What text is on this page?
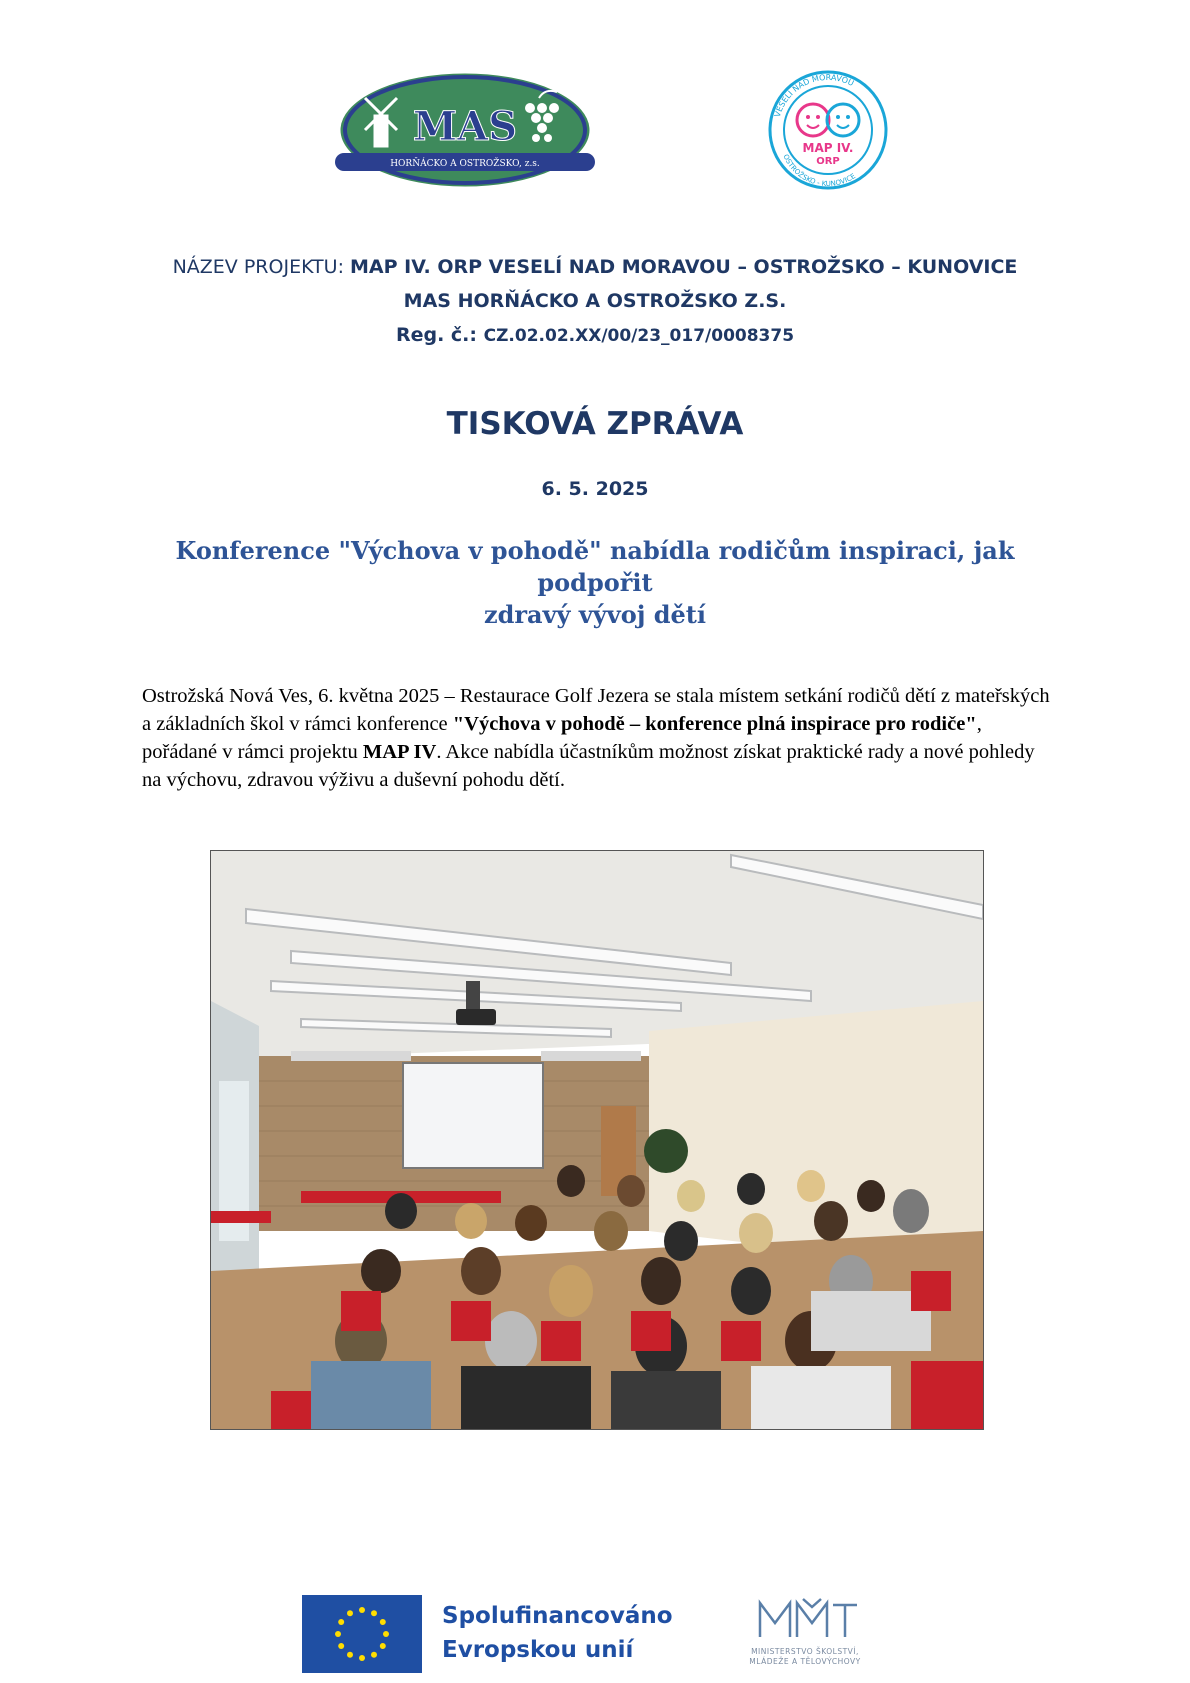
MAS
HORŇÁCKO A OSTROŽSKO, z.s.
VESELÍ NAD MORAVOU
OSTROŽSKO - KUNOVICE
MAP IV.
ORP
NÁZEV PROJEKTU: MAP IV. ORP VESELÍ NAD MORAVOU – OSTROŽSKO – KUNOVICE
MAS HORŇÁCKO A OSTROŽSKO Z.S.
Reg. č.: CZ.02.02.XX/00/23_017/0008375
TISKOVÁ ZPRÁVA
6. 5. 2025
Konference "Výchova v pohodě" nabídla rodičům inspiraci, jak podpořit
zdravý vývoj dětí
Ostrožská Nová Ves, 6. května 2025 – Restaurace Golf Jezera se stala místem setkání rodičů dětí z mateřských a základních škol v rámci konference "Výchova v pohodě – konference plná inspirace pro rodiče", pořádané v rámci projektu MAP IV. Akce nabídla účastníkům možnost získat praktické rady a nové pohledy na výchovu, zdravou výživu a duševní pohodu dětí.
Spolufinancováno
Evropskou unií	MINISTERSTVO ŠKOLSTVÍ,
MLÁDEŽE A TĚLOVÝCHOVY
